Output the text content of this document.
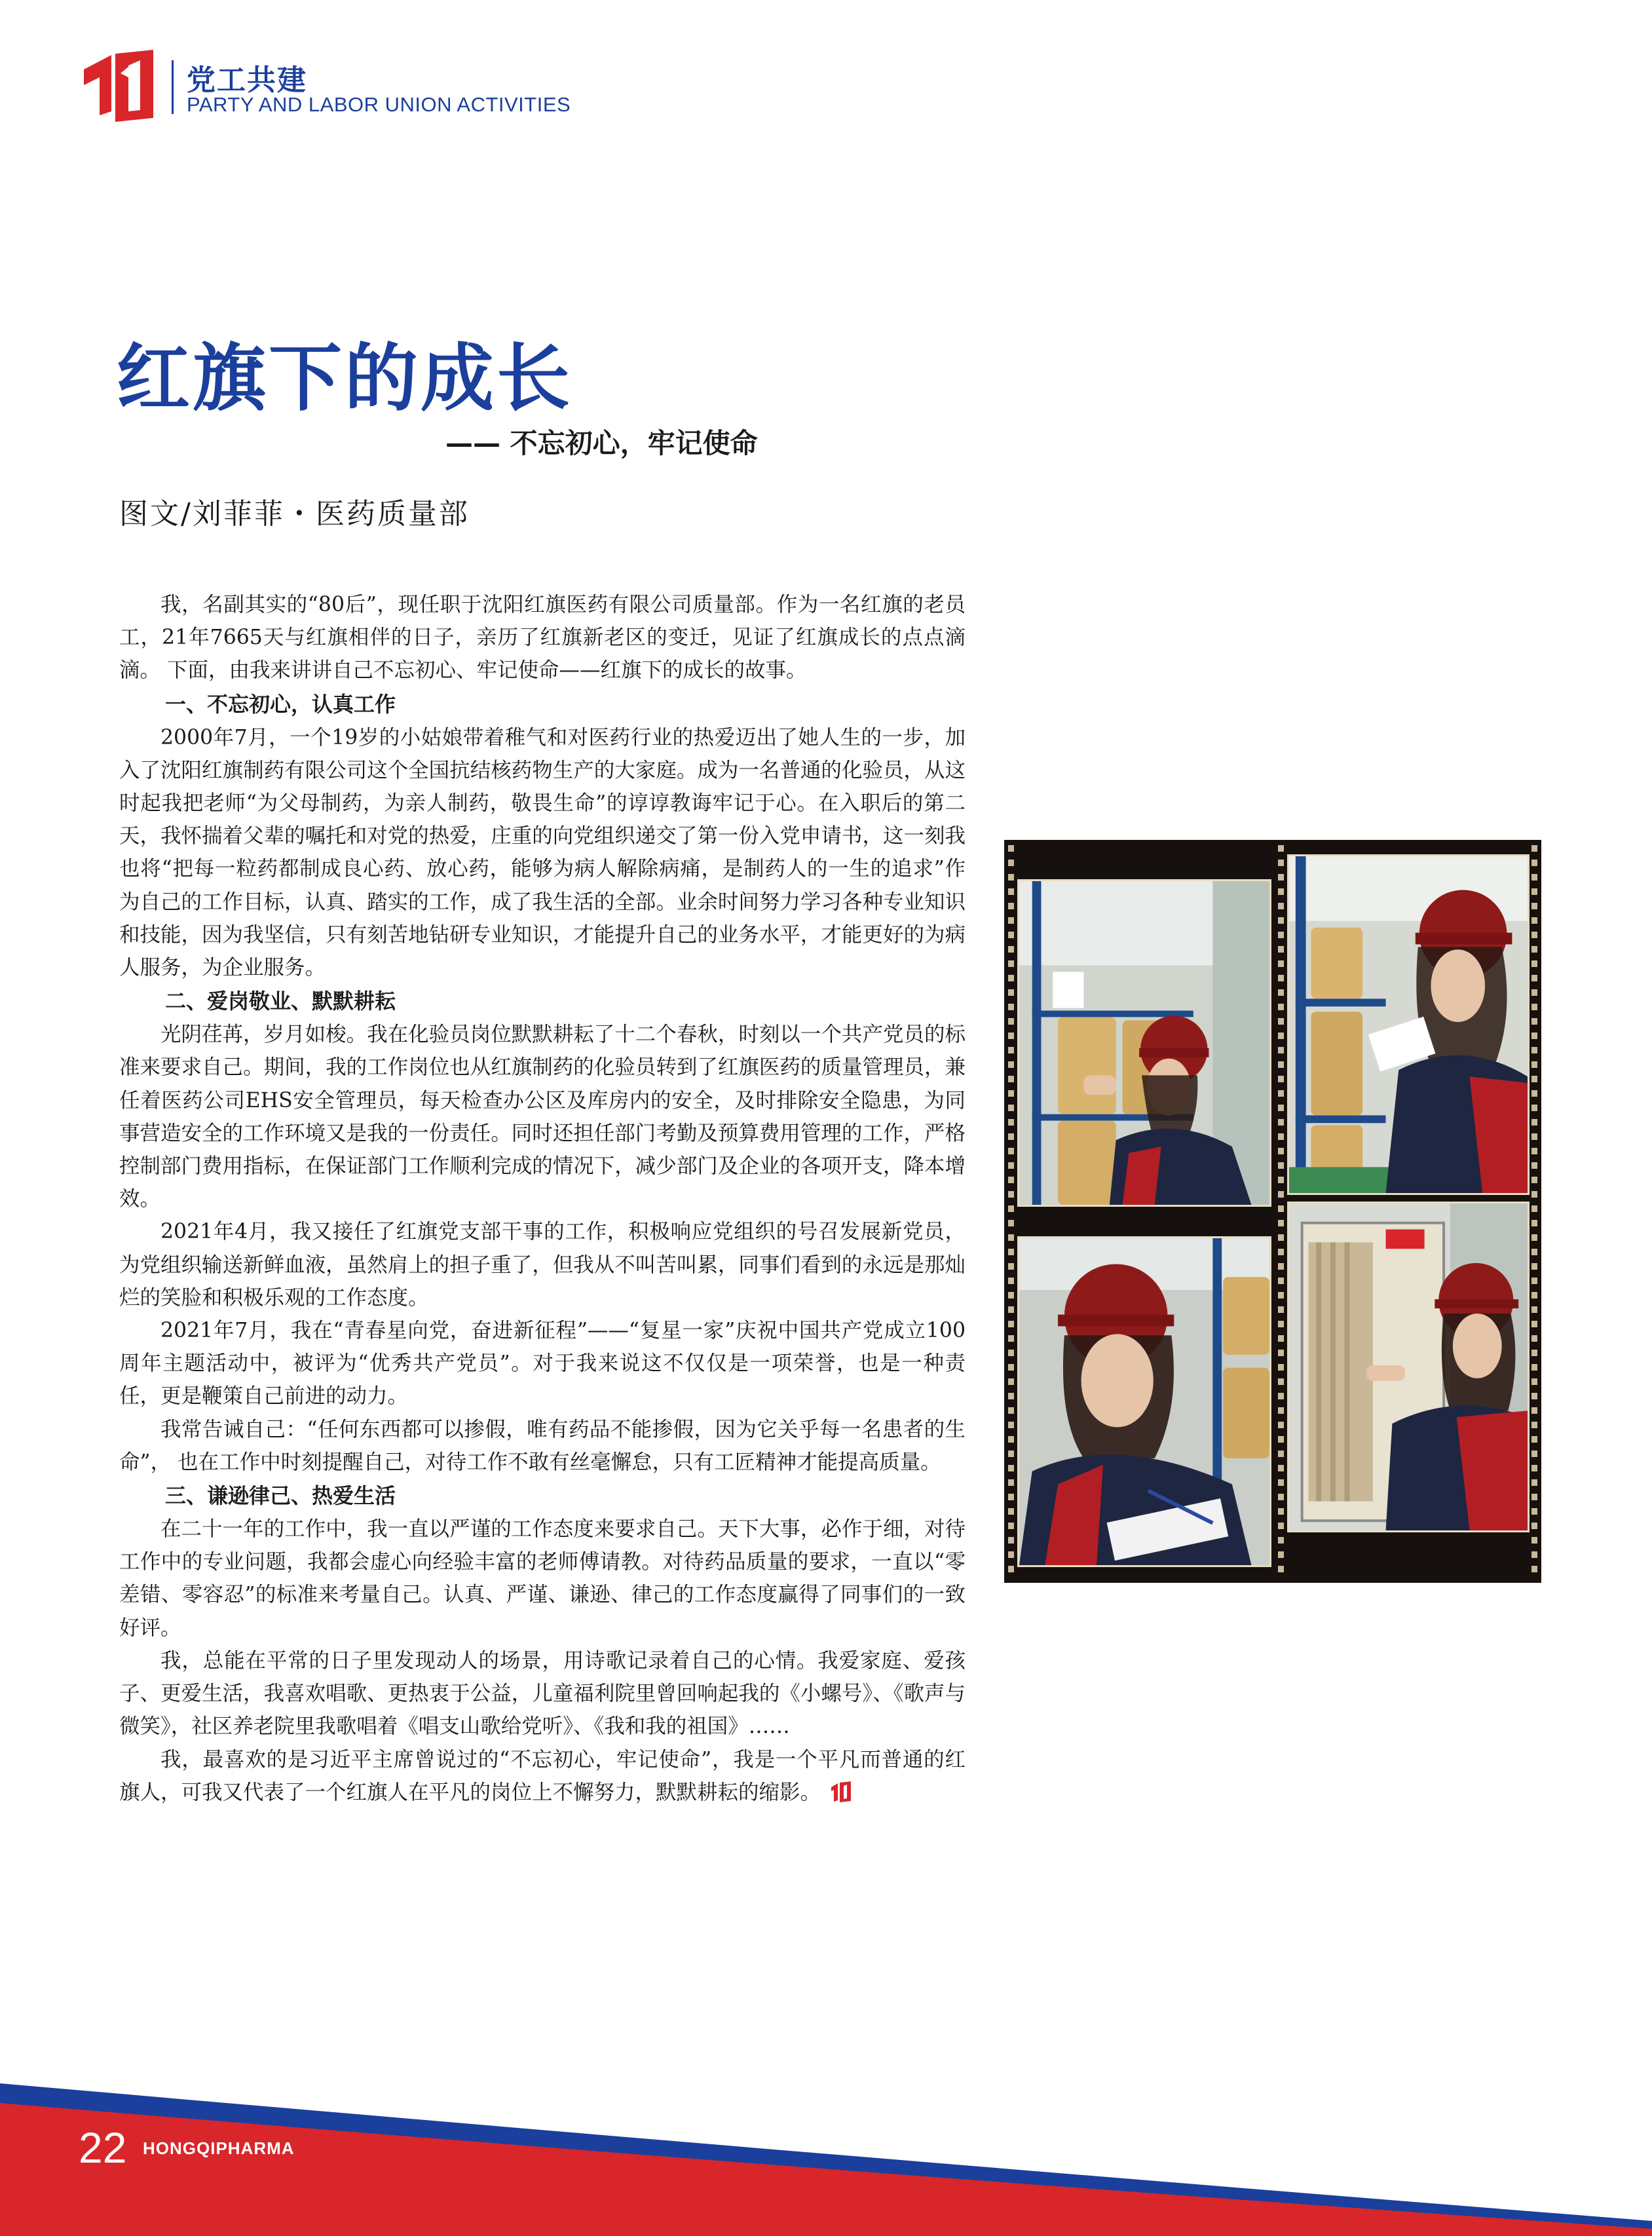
党工共建
PARTY AND LABOR UNION ACTIVITIES
红旗下的成长
—— 不忘初心，牢记使命
图文/刘菲菲・医药质量部

我，名副其实的“80后”，现任职于沈阳红旗医药有限公司质量部。作为一名红旗的老员工，21年7665天与红旗相伴的日子，亲历了红旗新老区的变迁，见证了红旗成长的点点滴滴。 下面，由我来讲讲自己不忘初心、牢记使命——红旗下的成长的故事。

一、不忘初心，认真工作

2000年7月，一个19岁的小姑娘带着稚气和对医药行业的热爱迈出了她人生的一步，加入了沈阳红旗制药有限公司这个全国抗结核药物生产的大家庭。成为一名普通的化验员，从这时起我把老师“为父母制药，为亲人制药，敬畏生命”的谆谆教诲牢记于心。在入职后的第二天，我怀揣着父辈的嘱托和对党的热爱，庄重的向党组织递交了第一份入党申请书，这一刻我也将“把每一粒药都制成良心药、放心药，能够为病人解除病痛，是制药人的一生的追求”作为自己的工作目标，认真、踏实的工作，成了我生活的全部。业余时间努力学习各种专业知识和技能，因为我坚信，只有刻苦地钻研专业知识，才能提升自己的业务水平，才能更好的为病人服务，为企业服务。

二、爱岗敬业、默默耕耘

光阴荏苒，岁月如梭。我在化验员岗位默默耕耘了十二个春秋，时刻以一个共产党员的标准来要求自己。期间，我的工作岗位也从红旗制药的化验员转到了红旗医药的质量管理员，兼任着医药公司EHS安全管理员，每天检查办公区及库房内的安全，及时排除安全隐患，为同事营造安全的工作环境又是我的一份责任。同时还担任部门考勤及预算费用管理的工作，严格控制部门费用指标，在保证部门工作顺利完成的情况下，减少部门及企业的各项开支，降本增效。

2021年4月，我又接任了红旗党支部干事的工作，积极响应党组织的号召发展新党员，为党组织输送新鲜血液，虽然肩上的担子重了，但我从不叫苦叫累，同事们看到的永远是那灿烂的笑脸和积极乐观的工作态度。

2021年7月，我在“青春星向党，奋进新征程”——“复星一家”庆祝中国共产党成立100周年主题活动中，被评为“优秀共产党员”。对于我来说这不仅仅是一项荣誉，也是一种责任，更是鞭策自己前进的动力。

我常告诫自己：“任何东西都可以掺假，唯有药品不能掺假，因为它关乎每一名患者的生命”， 也在工作中时刻提醒自己，对待工作不敢有丝毫懈怠，只有工匠精神才能提高质量。

三、谦逊律己、热爱生活

在二十一年的工作中，我一直以严谨的工作态度来要求自己。天下大事，必作于细，对待工作中的专业问题，我都会虚心向经验丰富的老师傅请教。对待药品质量的要求，一直以“零差错、零容忍”的标准来考量自己。认真、严谨、谦逊、律己的工作态度赢得了同事们的一致好评。

我，总能在平常的日子里发现动人的场景，用诗歌记录着自己的心情。我爱家庭、爱孩子、更爱生活，我喜欢唱歌、更热衷于公益，儿童福利院里曾回响起我的《小螺号》、《歌声与微笑》，社区养老院里我歌唱着《唱支山歌给党听》、《我和我的祖国》……

我，最喜欢的是习近平主席曾说过的“不忘初心，牢记使命”，我是一个平凡而普通的红旗人，可我又代表了一个红旗人在平凡的岗位上不懈努力，默默耕耘的缩影。

22 HONGQIPHARMA
